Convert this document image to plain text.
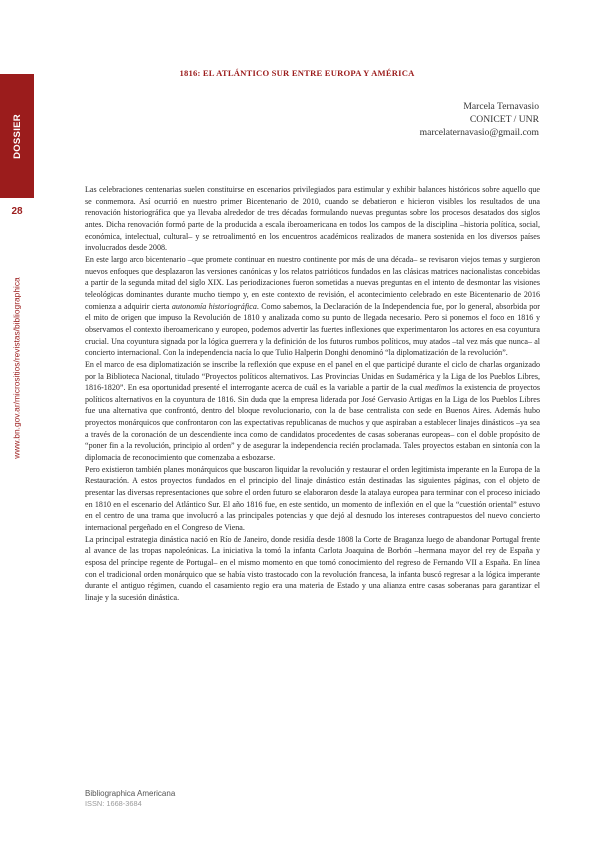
DOSSIER
28
www.bn.gov.ar/micrositios/revistas/bibliographica
1816: EL ATLÁNTICO SUR ENTRE EUROPA Y AMÉRICA
Marcela Ternavasio
CONICET / UNR
marcelaternavasio@gmail.com

Las celebraciones centenarias suelen constituirse en escenarios privilegiados para estimular y exhibir balances históricos sobre aquello que se conmemora. Así ocurrió en nuestro primer Bicentenario de 2010, cuando se debatieron e hicieron visibles los resultados de una renovación historiográfica que ya llevaba alrededor de tres décadas formulando nuevas preguntas sobre los procesos desatados dos siglos antes. Dicha renovación formó parte de la producida a escala iberoamericana en todos los campos de la disciplina –historia política, social, económica, intelectual, cultural– y se retroalimentó en los encuentros académicos realizados de manera sostenida en los diversos países involucrados desde 2008.

En este largo arco bicentenario –que promete continuar en nuestro continente por más de una década– se revisaron viejos temas y surgieron nuevos enfoques que desplazaron las versiones canónicas y los relatos patrióticos fundados en las clásicas matrices nacionalistas concebidas a partir de la segunda mitad del siglo XIX. Las periodizaciones fueron sometidas a nuevas preguntas en el intento de desmontar las visiones teleológicas dominantes durante mucho tiempo y, en este contexto de revisión, el acontecimiento celebrado en este Bicentenario de 2016 comienza a adquirir cierta autonomía historiográfica. Como sabemos, la Declaración de la Independencia fue, por lo general, absorbida por el mito de origen que impuso la Revolución de 1810 y analizada como su punto de llegada necesario. Pero si ponemos el foco en 1816 y observamos el contexto iberoamericano y europeo, podemos advertir las fuertes inflexiones que experimentaron los actores en esa coyuntura crucial. Una coyuntura signada por la lógica guerrera y la definición de los futuros rumbos políticos, muy atados –tal vez más que nunca– al concierto internacional. Con la independencia nacía lo que Tulio Halperin Donghi denominó “la diplomatización de la revolución”.

En el marco de esa diplomatización se inscribe la reflexión que expuse en el panel en el que participé durante el ciclo de charlas organizado por la Biblioteca Nacional, titulado “Proyectos políticos alternativos. Las Provincias Unidas en Sudamérica y la Liga de los Pueblos Libres, 1816-1820”. En esa oportunidad presenté el interrogante acerca de cuál es la variable a partir de la cual medimos la existencia de proyectos políticos alternativos en la coyuntura de 1816. Sin duda que la empresa liderada por José Gervasio Artigas en la Liga de los Pueblos Libres fue una alternativa que confrontó, dentro del bloque revolucionario, con la de base centralista con sede en Buenos Aires. Además hubo proyectos monárquicos que confrontaron con las expectativas republicanas de muchos y que aspiraban a establecer linajes dinásticos –ya sea a través de la coronación de un descendiente inca como de candidatos procedentes de casas soberanas europeas– con el doble propósito de “poner fin a la revolución, principio al orden” y de asegurar la independencia recién proclamada. Tales proyectos estaban en sintonía con la diplomacia de reconocimiento que comenzaba a esbozarse.

Pero existieron también planes monárquicos que buscaron liquidar la revolución y restaurar el orden legitimista imperante en la Europa de la Restauración. A estos proyectos fundados en el principio del linaje dinástico están destinadas las siguientes páginas, con el objeto de presentar las diversas representaciones que sobre el orden futuro se elaboraron desde la atalaya europea para terminar con el proceso iniciado en 1810 en el escenario del Atlántico Sur. El año 1816 fue, en este sentido, un momento de inflexión en el que la “cuestión oriental” estuvo en el centro de una trama que involucró a las principales potencias y que dejó al desnudo los intereses contrapuestos del nuevo concierto internacional pergeñado en el Congreso de Viena.

La principal estrategia dinástica nació en Río de Janeiro, donde residía desde 1808 la Corte de Braganza luego de abandonar Portugal frente al avance de las tropas napoleónicas. La iniciativa la tomó la infanta Carlota Joaquina de Borbón –hermana mayor del rey de España y esposa del príncipe regente de Portugal– en el mismo momento en que tomó conocimiento del regreso de Fernando VII a España. En línea con el tradicional orden monárquico que se había visto trastocado con la revolución francesa, la infanta buscó regresar a la lógica imperante durante el antiguo régimen, cuando el casamiento regio era una materia de Estado y una alianza entre casas soberanas para garantizar el linaje y la sucesión dinástica.

Bibliographica Americana
ISSN: 1668-3684
